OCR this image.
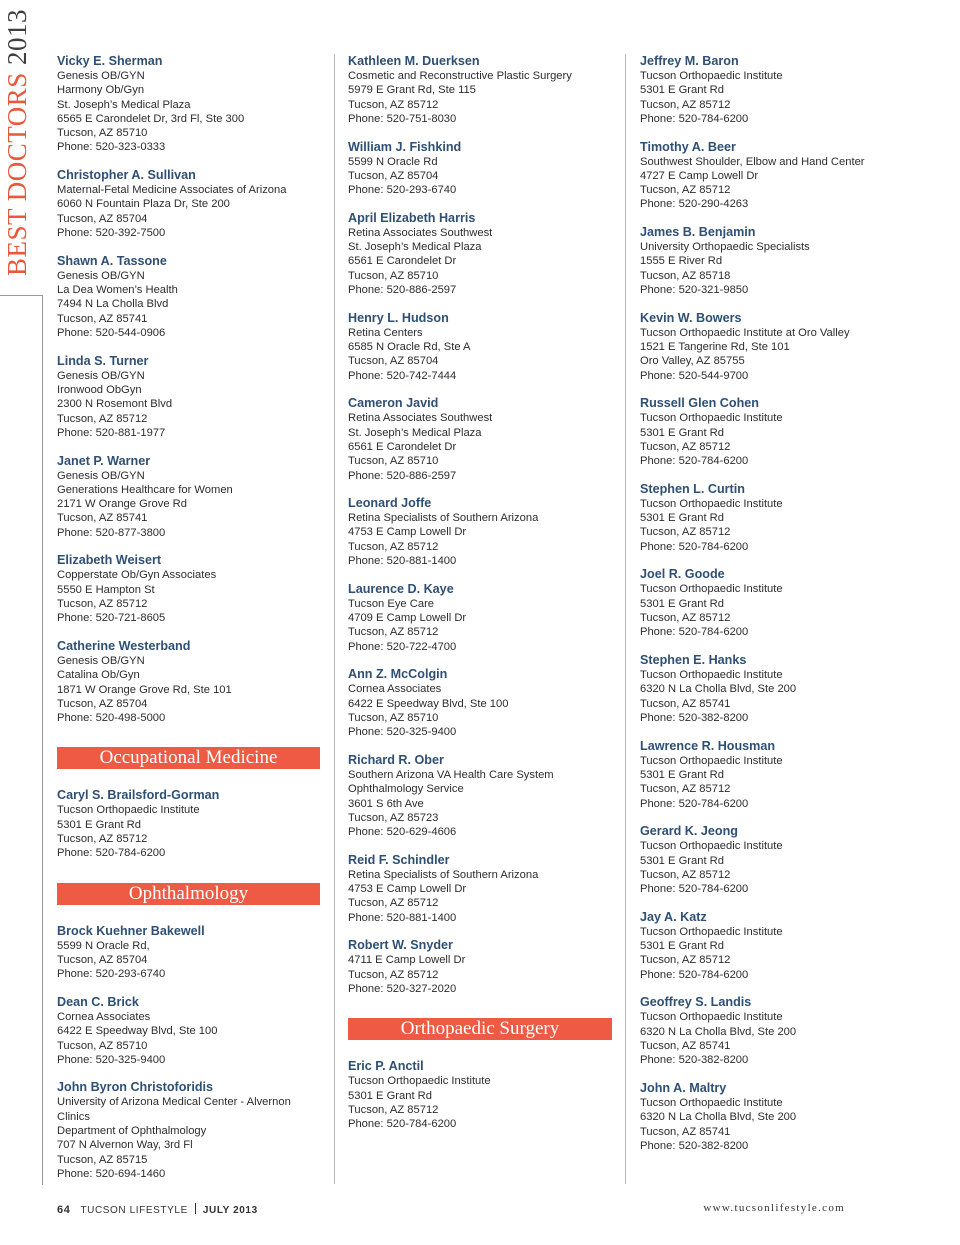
BEST DOCTORS 2013 Vicky E. Sherman
Genesis OB/GYN
Harmony Ob/Gyn
St. Joseph’s Medical Plaza
6565 E Carondelet Dr, 3rd Fl, Ste 300
Tucson, AZ 85710
Phone: 520-323-0333
Christopher A. Sullivan
Maternal-Fetal Medicine Associates of Arizona
6060 N Fountain Plaza Dr, Ste 200
Tucson, AZ 85704
Phone: 520-392-7500
Shawn A. Tassone
Genesis OB/GYN
La Dea Women’s Health
7494 N La Cholla Blvd
Tucson, AZ 85741
Phone: 520-544-0906
Linda S. Turner
Genesis OB/GYN
Ironwood ObGyn
2300 N Rosemont Blvd
Tucson, AZ 85712
Phone: 520-881-1977
Janet P. Warner
Genesis OB/GYN
Generations Healthcare for Women
2171 W Orange Grove Rd
Tucson, AZ 85741
Phone: 520-877-3800
Elizabeth Weisert
Copperstate Ob/Gyn Associates
5550 E Hampton St
Tucson, AZ 85712
Phone: 520-721-8605
Catherine Westerband
Genesis OB/GYN
Catalina Ob/Gyn
1871 W Orange Grove Rd, Ste 101
Tucson, AZ 85704
Phone: 520-498-5000
Occupational Medicine
Caryl S. Brailsford-Gorman
Tucson Orthopaedic Institute
5301 E Grant Rd
Tucson, AZ 85712
Phone: 520-784-6200
Ophthalmology
Brock Kuehner Bakewell
5599 N Oracle Rd,
Tucson, AZ 85704
Phone: 520-293-6740
Dean C. Brick
Cornea Associates
6422 E Speedway Blvd, Ste 100
Tucson, AZ 85710
Phone: 520-325-9400
John Byron Christoforidis
University of Arizona Medical Center - Alvernon
Clinics
Department of Ophthalmology
707 N Alvernon Way, 3rd Fl
Tucson, AZ 85715
Phone: 520-694-1460
Kathleen M. Duerksen
Cosmetic and Reconstructive Plastic Surgery
5979 E Grant Rd, Ste 115
Tucson, AZ 85712
Phone: 520-751-8030
William J. Fishkind
5599 N Oracle Rd
Tucson, AZ 85704
Phone: 520-293-6740
April Elizabeth Harris
Retina Associates Southwest
St. Joseph’s Medical Plaza
6561 E Carondelet Dr
Tucson, AZ 85710
Phone: 520-886-2597
Henry L. Hudson
Retina Centers
6585 N Oracle Rd, Ste A
Tucson, AZ 85704
Phone: 520-742-7444
Cameron Javid
Retina Associates Southwest
St. Joseph’s Medical Plaza
6561 E Carondelet Dr
Tucson, AZ 85710
Phone: 520-886-2597
Leonard Joffe
Retina Specialists of Southern Arizona
4753 E Camp Lowell Dr
Tucson, AZ 85712
Phone: 520-881-1400
Laurence D. Kaye
Tucson Eye Care
4709 E Camp Lowell Dr
Tucson, AZ 85712
Phone: 520-722-4700
Ann Z. McColgin
Cornea Associates
6422 E Speedway Blvd, Ste 100
Tucson, AZ 85710
Phone: 520-325-9400
Richard R. Ober
Southern Arizona VA Health Care System
Ophthalmology Service
3601 S 6th Ave
Tucson, AZ 85723
Phone: 520-629-4606
Reid F. Schindler
Retina Specialists of Southern Arizona
4753 E Camp Lowell Dr
Tucson, AZ 85712
Phone: 520-881-1400
Robert W. Snyder
4711 E Camp Lowell Dr
Tucson, AZ 85712
Phone: 520-327-2020
Orthopaedic Surgery
Eric P. Anctil
Tucson Orthopaedic Institute
5301 E Grant Rd
Tucson, AZ 85712
Phone: 520-784-6200
Jeffrey M. Baron
Tucson Orthopaedic Institute
5301 E Grant Rd
Tucson, AZ 85712
Phone: 520-784-6200
Timothy A. Beer
Southwest Shoulder, Elbow and Hand Center
4727 E Camp Lowell Dr
Tucson, AZ 85712
Phone: 520-290-4263
James B. Benjamin
University Orthopaedic Specialists
1555 E River Rd
Tucson, AZ 85718
Phone: 520-321-9850
Kevin W. Bowers
Tucson Orthopaedic Institute at Oro Valley
1521 E Tangerine Rd, Ste 101
Oro Valley, AZ 85755
Phone: 520-544-9700
Russell Glen Cohen
Tucson Orthopaedic Institute
5301 E Grant Rd
Tucson, AZ 85712
Phone: 520-784-6200
Stephen L. Curtin
Tucson Orthopaedic Institute
5301 E Grant Rd
Tucson, AZ 85712
Phone: 520-784-6200
Joel R. Goode
Tucson Orthopaedic Institute
5301 E Grant Rd
Tucson, AZ 85712
Phone: 520-784-6200
Stephen E. Hanks
Tucson Orthopaedic Institute
6320 N La Cholla Blvd, Ste 200
Tucson, AZ 85741
Phone: 520-382-8200
Lawrence R. Housman
Tucson Orthopaedic Institute
5301 E Grant Rd
Tucson, AZ 85712
Phone: 520-784-6200
Gerard K. Jeong
Tucson Orthopaedic Institute
5301 E Grant Rd
Tucson, AZ 85712
Phone: 520-784-6200
Jay A. Katz
Tucson Orthopaedic Institute
5301 E Grant Rd
Tucson, AZ 85712
Phone: 520-784-6200
Geoffrey S. Landis
Tucson Orthopaedic Institute
6320 N La Cholla Blvd, Ste 200
Tucson, AZ 85741
Phone: 520-382-8200
John A. Maltry
Tucson Orthopaedic Institute
6320 N La Cholla Blvd, Ste 200
Tucson, AZ 85741
Phone: 520-382-8200
64 TUCSON LIFESTYLE JULY 2013	www.tucsonlifestyle.com
